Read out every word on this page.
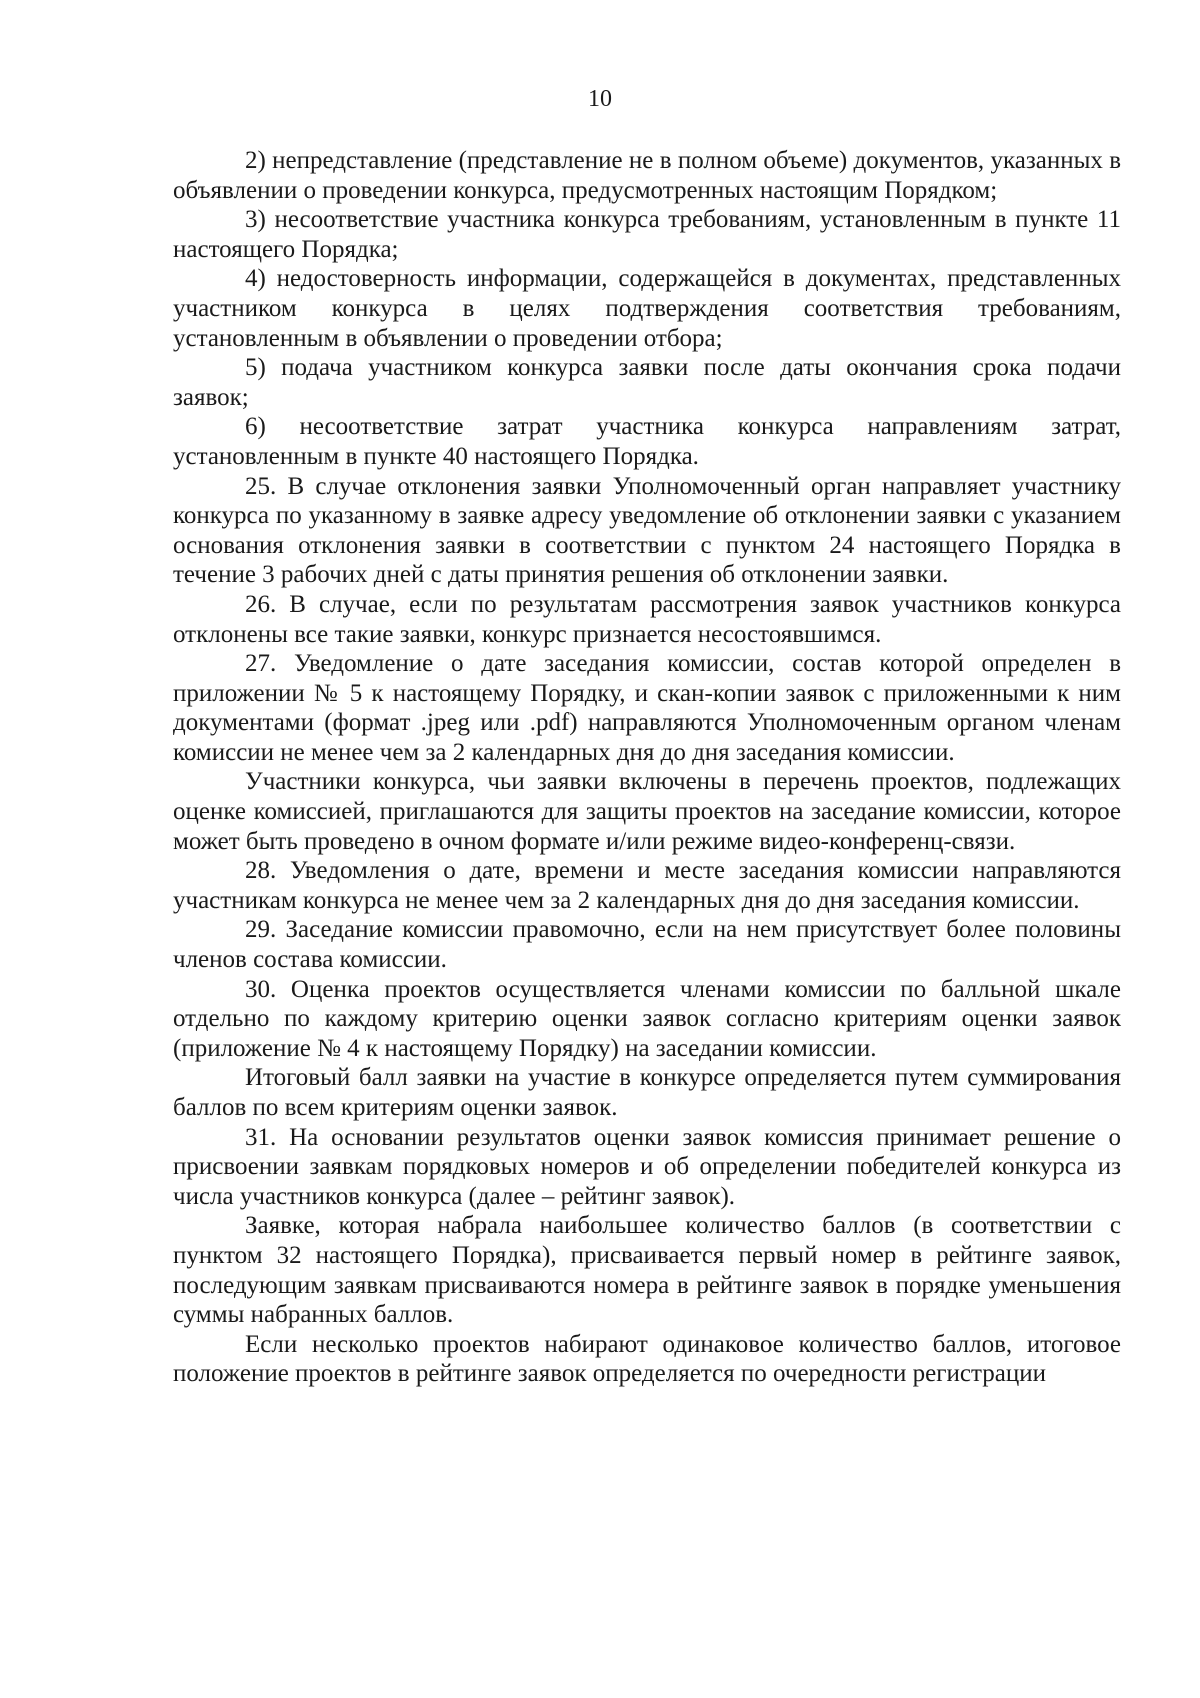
10

2) непредставление (представление не в полном объеме) документов, указанных в объявлении о проведении конкурса, предусмотренных настоящим Порядком;

3) несоответствие участника конкурса требованиям, установленным в пункте 11 настоящего Порядка;

4) недостоверность информации, содержащейся в документах, представленных участником конкурса в целях подтверждения соответствия требованиям, установленным в объявлении о проведении отбора;

5) подача участником конкурса заявки после даты окончания срока подачи заявок;

6) несоответствие затрат участника конкурса направлениям затрат, установленным в пункте 40 настоящего Порядка.

25. В случае отклонения заявки Уполномоченный орган направляет участнику конкурса по указанному в заявке адресу уведомление об отклонении заявки с указанием основания отклонения заявки в соответствии с пунктом 24 настоящего Порядка в течение 3 рабочих дней с даты принятия решения об отклонении заявки.

26. В случае, если по результатам рассмотрения заявок участников конкурса отклонены все такие заявки, конкурс признается несостоявшимся.

27. Уведомление о дате заседания комиссии, состав которой определен в приложении № 5 к настоящему Порядку, и скан-копии заявок с приложенными к ним документами (формат .jpeg или .pdf) направляются Уполномоченным органом членам комиссии не менее чем за 2 календарных дня до дня заседания комиссии.

Участники конкурса, чьи заявки включены в перечень проектов, подлежащих оценке комиссией, приглашаются для защиты проектов на заседание комиссии, которое может быть проведено в очном формате и/или режиме видео-конференц-связи.

28. Уведомления о дате, времени и месте заседания комиссии направляются участникам конкурса не менее чем за 2 календарных дня до дня заседания комиссии.

29. Заседание комиссии правомочно, если на нем присутствует более половины членов состава комиссии.

30. Оценка проектов осуществляется членами комиссии по балльной шкале отдельно по каждому критерию оценки заявок согласно критериям оценки заявок (приложение № 4 к настоящему Порядку) на заседании комиссии.

Итоговый балл заявки на участие в конкурсе определяется путем суммирования баллов по всем критериям оценки заявок.

31. На основании результатов оценки заявок комиссия принимает решение о присвоении заявкам порядковых номеров и об определении победителей конкурса из числа участников конкурса (далее – рейтинг заявок).

Заявке, которая набрала наибольшее количество баллов (в соответствии с пунктом 32 настоящего Порядка), присваивается первый номер в рейтинге заявок, последующим заявкам присваиваются номера в рейтинге заявок в порядке уменьшения суммы набранных баллов.

Если несколько проектов набирают одинаковое количество баллов, итоговое положение проектов в рейтинге заявок определяется по очередности регистрации
